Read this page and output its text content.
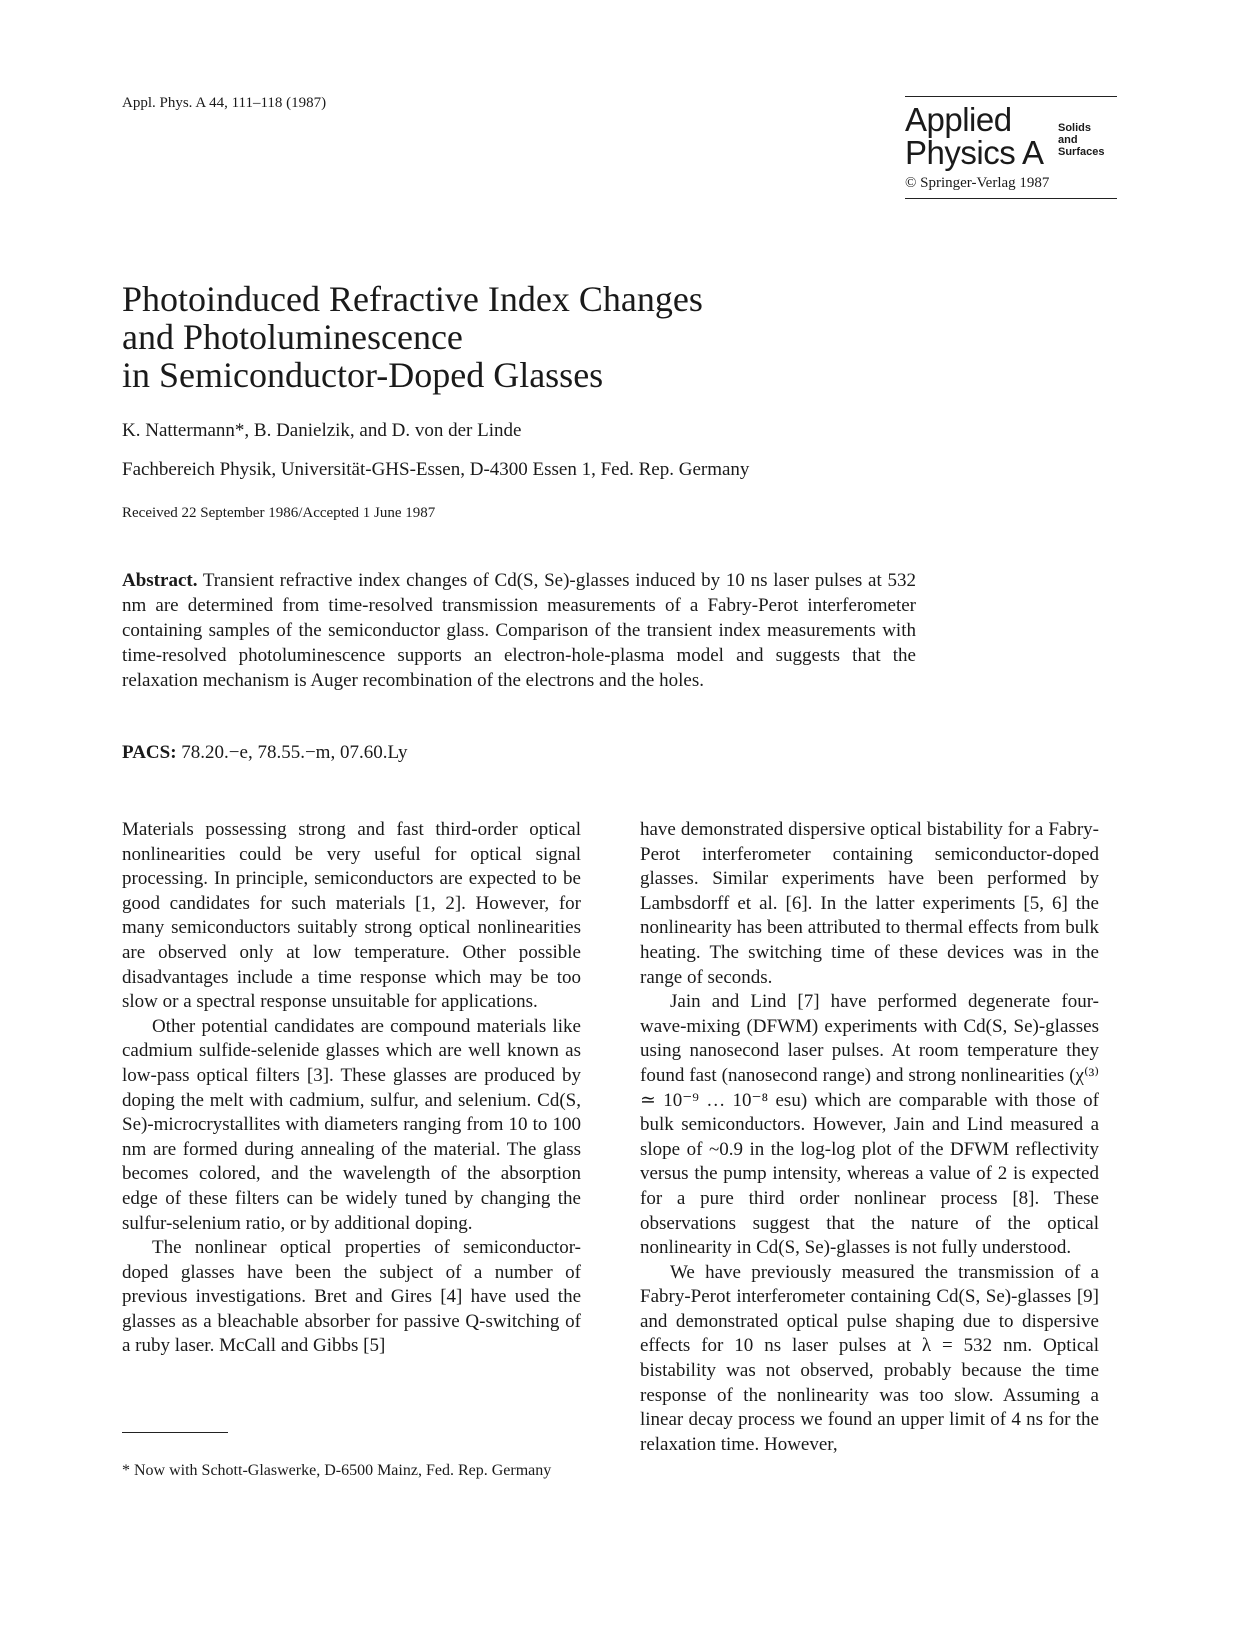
Appl. Phys. A 44, 111–118 (1987)	Applied
Physics A
Solids
and
Surfaces
© Springer-Verlag 1987
Photoinduced Refractive Index Changes
and Photoluminescence
in Semiconductor-Doped Glasses
K. Nattermann*, B. Danielzik, and D. von der Linde
Fachbereich Physik, Universität-GHS-Essen, D-4300 Essen 1, Fed. Rep. Germany
Received 22 September 1986/Accepted 1 June 1987
Abstract. Transient refractive index changes of Cd(S, Se)-glasses induced by 10 ns laser pulses at 532 nm are determined from time-resolved transmission measurements of a Fabry-Perot interferometer containing samples of the semiconductor glass. Comparison of the transient index measurements with time-resolved photoluminescence supports an electron-hole-plasma model and suggests that the relaxation mechanism is Auger recombination of the electrons and the holes.
PACS: 78.20.−e, 78.55.−m, 07.60.Ly

Materials possessing strong and fast third-order optical nonlinearities could be very useful for optical signal processing. In principle, semiconductors are expected to be good candidates for such materials [1, 2]. However, for many semiconductors suitably strong optical nonlinearities are observed only at low temperature. Other possible disadvantages include a time response which may be too slow or a spectral response unsuitable for applications.

Other potential candidates are compound materials like cadmium sulfide-selenide glasses which are well known as low-pass optical filters [3]. These glasses are produced by doping the melt with cadmium, sulfur, and selenium. Cd(S, Se)-microcrystallites with diameters ranging from 10 to 100 nm are formed during annealing of the material. The glass becomes colored, and the wavelength of the absorption edge of these filters can be widely tuned by changing the sulfur-selenium ratio, or by additional doping.

The nonlinear optical properties of semiconductor-doped glasses have been the subject of a number of previous investigations. Bret and Gires [4] have used the glasses as a bleachable absorber for passive Q-switching of a ruby laser. McCall and Gibbs [5]

have demonstrated dispersive optical bistability for a Fabry-Perot interferometer containing semiconductor-doped glasses. Similar experiments have been performed by Lambsdorff et al. [6]. In the latter experiments [5, 6] the nonlinearity has been attributed to thermal effects from bulk heating. The switching time of these devices was in the range of seconds.

Jain and Lind [7] have performed degenerate four-wave-mixing (DFWM) experiments with Cd(S, Se)-glasses using nanosecond laser pulses. At room temperature they found fast (nanosecond range) and strong nonlinearities (χ⁽³⁾ ≃ 10⁻⁹ … 10⁻⁸ esu) which are comparable with those of bulk semiconductors. However, Jain and Lind measured a slope of ~0.9 in the log-log plot of the DFWM reflectivity versus the pump intensity, whereas a value of 2 is expected for a pure third order nonlinear process [8]. These observations suggest that the nature of the optical nonlinearity in Cd(S, Se)-glasses is not fully understood.

We have previously measured the transmission of a Fabry-Perot interferometer containing Cd(S, Se)-glasses [9] and demonstrated optical pulse shaping due to dispersive effects for 10 ns laser pulses at λ = 532 nm. Optical bistability was not observed, probably because the time response of the nonlinearity was too slow. Assuming a linear decay process we found an upper limit of 4 ns for the relaxation time. However,

* Now with Schott-Glaswerke, D-6500 Mainz, Fed. Rep. Germany
